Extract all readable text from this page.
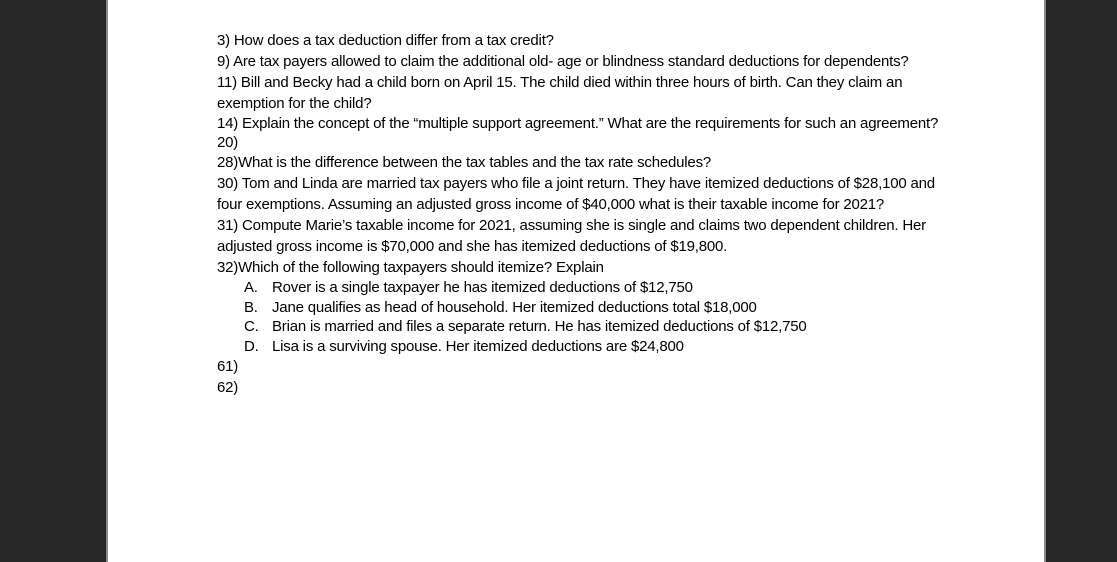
3) How does a tax deduction differ from a tax credit?

9) Are tax payers allowed to claim the additional old- age or blindness standard deductions for dependents?

11) Bill and Becky had a child born on April 15. The child died within three hours of birth. Can they claim an exemption for the child?

14) Explain the concept of the “multiple support agreement.” What are the requirements for such an agreement?

20)

28)What is the difference between the tax tables and the tax rate schedules?

30) Tom and Linda are married tax payers who file a joint return. They have itemized deductions of $28,100 and four exemptions. Assuming an adjusted gross income of $40,000 what is their taxable income for 2021?

31) Compute Marie’s taxable income for 2021, assuming she is single and claims two dependent children. Her adjusted gross income is $70,000 and she has itemized deductions of $19,800.

32)Which of the following taxpayers should itemize? Explain

A. Rover is a single taxpayer he has itemized deductions of $12,750
B. Jane qualifies as head of household. Her itemized deductions total $18,000
C. Brian is married and files a separate return. He has itemized deductions of $12,750
D. Lisa is a surviving spouse. Her itemized deductions are $24,800

61)

62)
